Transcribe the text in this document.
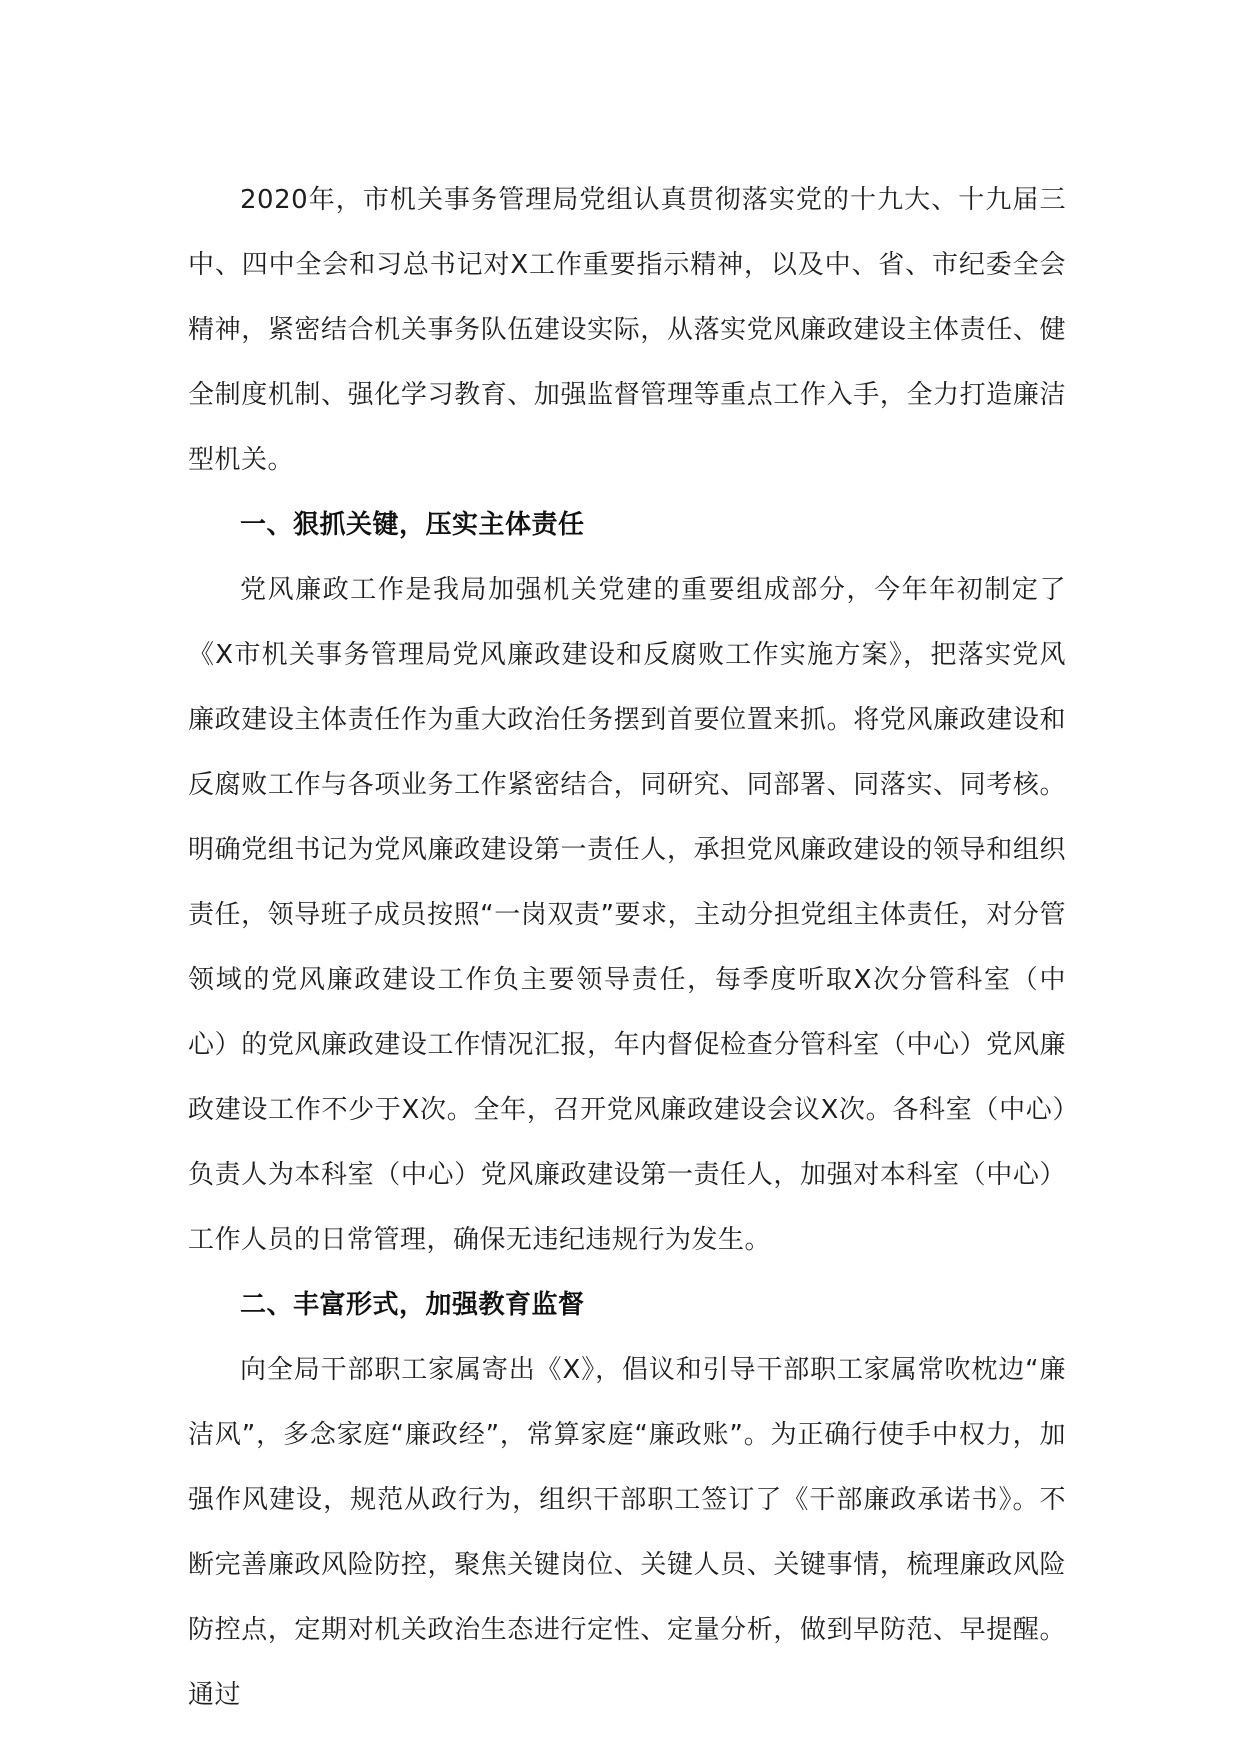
2020年，市机关事务管理局党组认真贯彻落实党的十九大、十九届三中、四中全会和习总书记对X工作重要指示精神，以及中、省、市纪委全会精神，紧密结合机关事务队伍建设实际，从落实党风廉政建设主体责任、健全制度机制、强化学习教育、加强监督管理等重点工作入手，全力打造廉洁型机关。

一、狠抓关键，压实主体责任

党风廉政工作是我局加强机关党建的重要组成部分，今年年初制定了《X市机关事务管理局党风廉政建设和反腐败工作实施方案》，把落实党风廉政建设主体责任作为重大政治任务摆到首要位置来抓。将党风廉政建设和反腐败工作与各项业务工作紧密结合，同研究、同部署、同落实、同考核。明确党组书记为党风廉政建设第一责任人，承担党风廉政建设的领导和组织责任，领导班子成员按照“一岗双责”要求，主动分担党组主体责任，对分管领域的党风廉政建设工作负主要领导责任，每季度听取X次分管科室（中心）的党风廉政建设工作情况汇报，年内督促检查分管科室（中心）党风廉政建设工作不少于X次。全年，召开党风廉政建设会议X次。各科室（中心）负责人为本科室（中心）党风廉政建设第一责任人，加强对本科室（中心）工作人员的日常管理，确保无违纪违规行为发生。

二、丰富形式，加强教育监督

向全局干部职工家属寄出《X》，倡议和引导干部职工家属常吹枕边“廉洁风”，多念家庭“廉政经”，常算家庭“廉政账”。为正确行使手中权力，加强作风建设，规范从政行为，组织干部职工签订了《干部廉政承诺书》。不断完善廉政风险防控，聚焦关键岗位、关键人员、关键事情，梳理廉政风险防控点，定期对机关政治生态进行定性、定量分析，做到早防范、早提醒。通过
